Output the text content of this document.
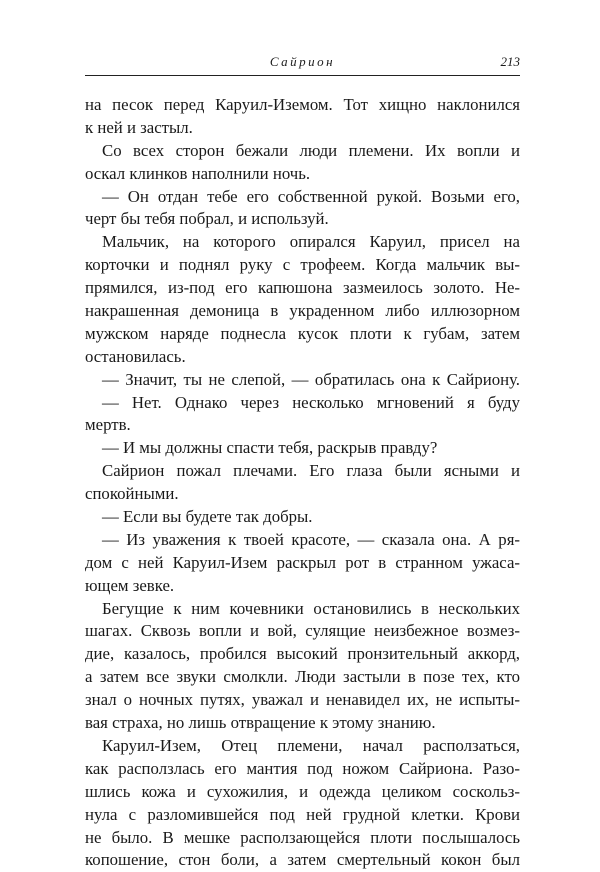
Сайрион	213
на песок перед Каруил-Иземом. Тот хищно наклонился
к ней и застыл.
Со всех сторон бежали люди племени. Их вопли и
оскал клинков наполнили ночь.
— Он отдан тебе его собственной рукой. Возьми его,
черт бы тебя побрал, и используй.
Мальчик, на которого опирался Каруил, присел на
корточки и поднял руку с трофеем. Когда мальчик вы-
прямился, из-под его капюшона зазмеилось золото. Не-
накрашенная демоница в украденном либо иллюзорном
мужском наряде поднесла кусок плоти к губам, затем
остановилась.
— Значит, ты не слепой, — обратилась она к Сайриону.
— Нет. Однако через несколько мгновений я буду
мертв.
— И мы должны спасти тебя, раскрыв правду?
Сайрион пожал плечами. Его глаза были ясными и
спокойными.
— Если вы будете так добры.
— Из уважения к твоей красоте, — сказала она. А ря-
дом с ней Каруил-Изем раскрыл рот в странном ужаса-
ющем зевке.
Бегущие к ним кочевники остановились в нескольких
шагах. Сквозь вопли и вой, сулящие неизбежное возмез-
дие, казалось, пробился высокий пронзительный аккорд,
а затем все звуки смолкли. Люди застыли в позе тех, кто
знал о ночных путях, уважал и ненавидел их, не испыты-
вая страха, но лишь отвращение к этому знанию.
Каруил-Изем, Отец племени, начал расползаться,
как расползлась его мантия под ножом Сайриона. Разо-
шлись кожа и сухожилия, и одежда целиком соскольз-
нула с разломившейся под ней грудной клетки. Крови
не было. В мешке расползающейся плоти послышалось
копошение, стон боли, а затем смертельный кокон был
